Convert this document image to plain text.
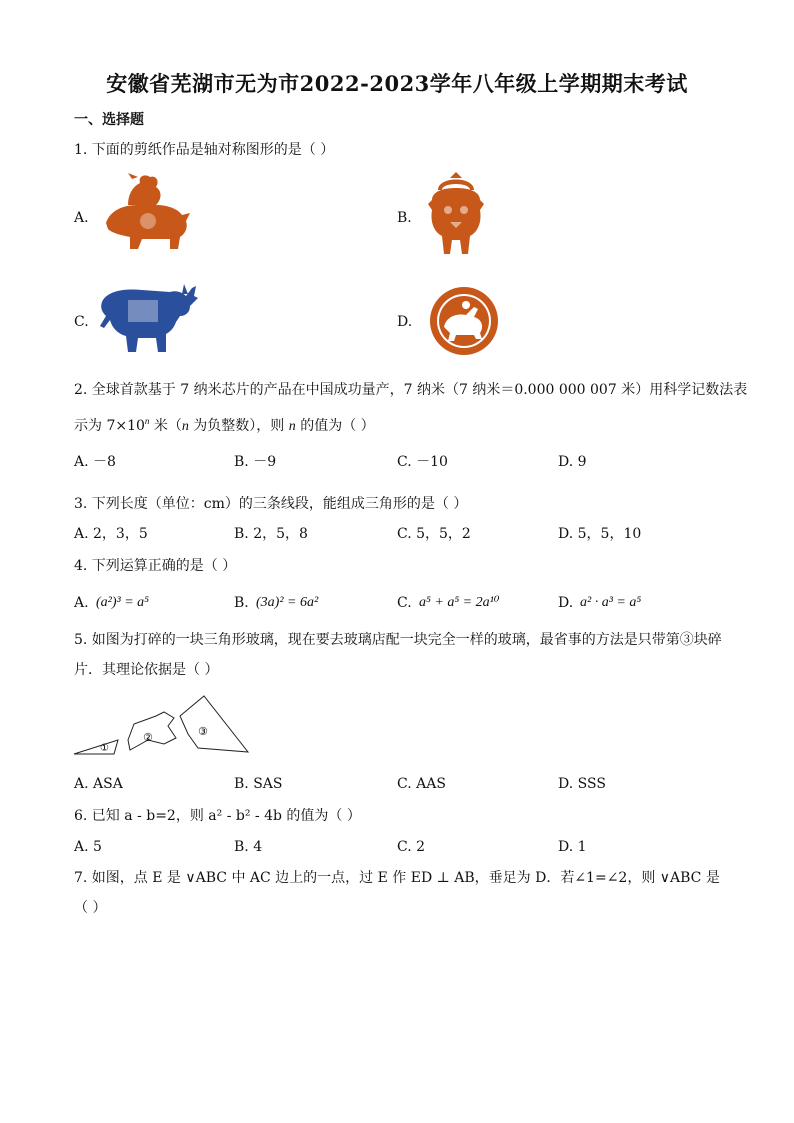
安徽省芜湖市无为市2022-2023学年八年级上学期期末考试
一、选择题
1. 下面的剪纸作品是轴对称图形的是（ ）
A.	B.
C.	D.
2. 全球首款基于 7 纳米芯片的产品在中国成功量产，7 纳米（7 纳米＝0.000 000 007 米）用科学记数法表
示为 $7\times 10^n$ 米（n 为负整数），则 n 的值为（ ）
A. －8	B. －9	C. －10	D. 9
3. 下列长度（单位：cm）的三条线段，能组成三角形的是（ ）
A. 2，3，5	B. 2，5，8	C. 5，5，2	D. 5，5，10
4. 下列运算正确的是（ ）
A. (a²)³ = a⁵	B. (3a)² = 6a²	C. a⁵ + a⁵ = 2a¹⁰	D. a² · a³ = a⁵
5. 如图为打碎的一块三角形玻璃，现在要去玻璃店配一块完全一样的玻璃，最省事的方法是只带第③块碎
片．其理论依据是（ ）
①
②	③
A. ASA	B. SAS	C. AAS	D. SSS
6. 已知 a - b=2，则 a² - b² - 4b 的值为（ ）
A. 5	B. 4	C. 2	D. 1
7. 如图，点 E 是 ∨ABC 中 AC 边上的一点，过 E 作 ED ⊥ AB，垂足为 D．若∠1=∠2，则 ∨ABC 是
（ ）
